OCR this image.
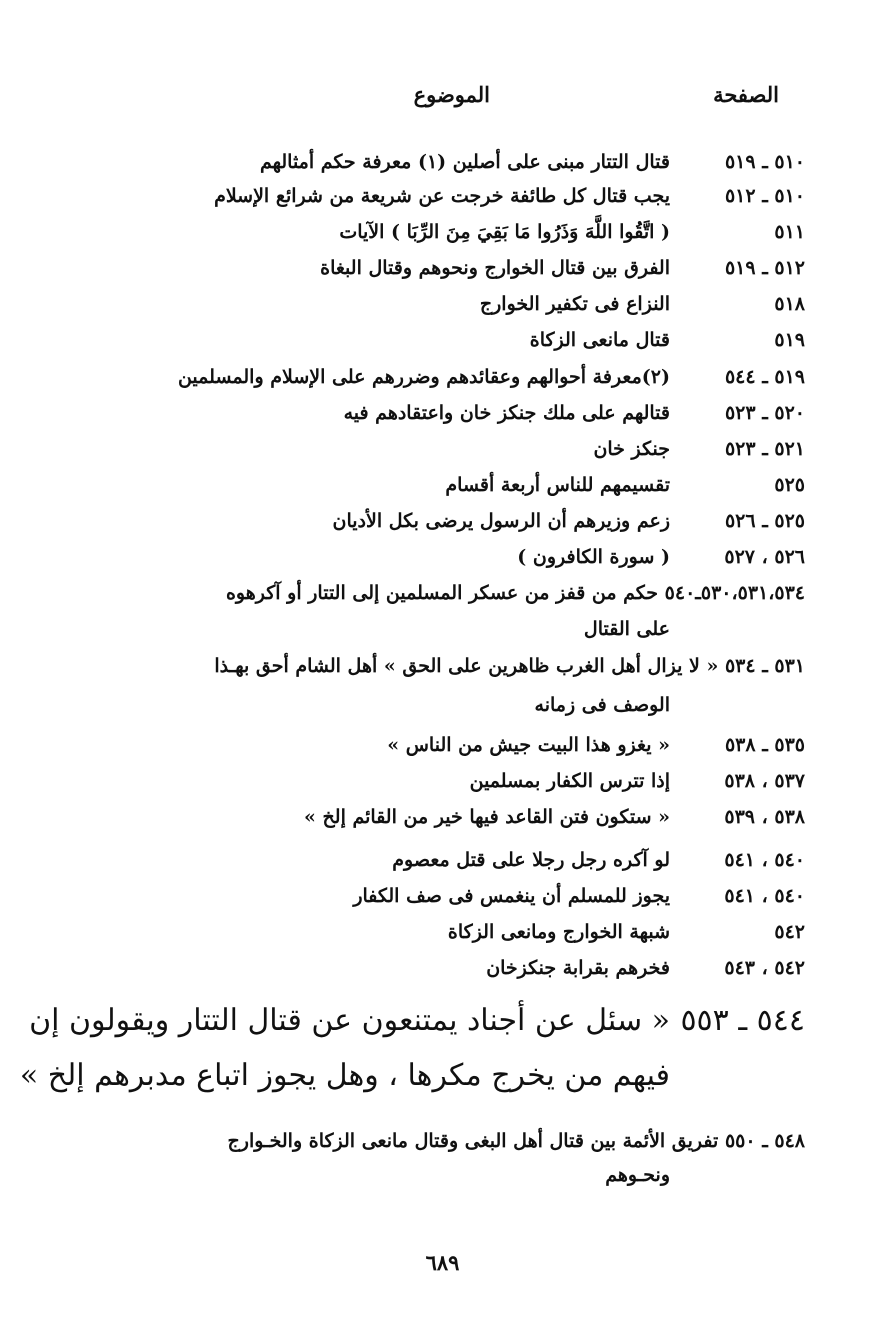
الصفحة
الموضوع
٥١٠ ـ ٥١٩
قتال التتار مبنى على أصلين (١) معرفة حكم أمثالهم
٥١٠ ـ ٥١٢
يجب قتال كل طائفة خرجت عن شريعة من شرائع الإسلام
٥١١
( اتَّقُوا اللَّهَ وَذَرُوا مَا بَقِيَ مِنَ الرِّبَا ) الآيات
٥١٢ ـ ٥١٩
الفرق بين قتال الخوارج ونحوهم وقتال البغاة
٥١٨
النزاع فى تكفير الخوارج
٥١٩
قتال مانعى الزكاة
٥١٩ ـ ٥٤٤
(٢)معرفة أحوالهم وعقائدهم وضررهم على الإسلام والمسلمين
٥٢٠ ـ ٥٢٣
قتالهم على ملك جنكز خان واعتقادهم فيه
٥٢١ ـ ٥٢٣
جنكز خان
٥٢٥
تقسيمهم للناس أربعة أقسام
٥٢٥ ـ ٥٢٦
زعم وزيرهم أن الرسول يرضى بكل الأديان
٥٢٦ ، ٥٢٧
( سورة الكافرون )
٥٣٠،٥٣١،٥٣٤ـ٥٤٠ حكم من قفز من عسكر المسلمين إلى التتار أو آكرهوه
على القتال
٥٣١ ـ ٥٣٤ « لا يزال أهل الغرب ظاهرين على الحق » أهل الشام أحق بهـذا
الوصف فى زمانه
٥٣٥ ـ ٥٣٨
« يغزو هذا البيت جيش من الناس »
٥٣٧ ، ٥٣٨
إذا تترس الكفار بمسلمين
٥٣٨ ، ٥٣٩
« ستكون فتن القاعد فيها خير من القائم إلخ »
٥٤٠ ، ٥٤١
لو آكره رجل رجلا على قتل معصوم
٥٤٠ ، ٥٤١
يجوز للمسلم أن ينغمس فى صف الكفار
٥٤٢
شبهة الخوارج ومانعى الزكاة
٥٤٢ ، ٥٤٣
فخرهم بقرابة جنكزخان
٥٤٤ ـ ٥٥٣
« سئل عن أجناد يمتنعون عن قتال التتار ويقولون إن
فيهم من يخرج مكرها ، وهل يجوز اتباع مدبرهم إلخ »
٥٤٨ ـ ٥٥٠ تفريق الأئمة بين قتال أهل البغى وقتال مانعى الزكاة والخـوارج
ونحـوهم
٦٨٩
